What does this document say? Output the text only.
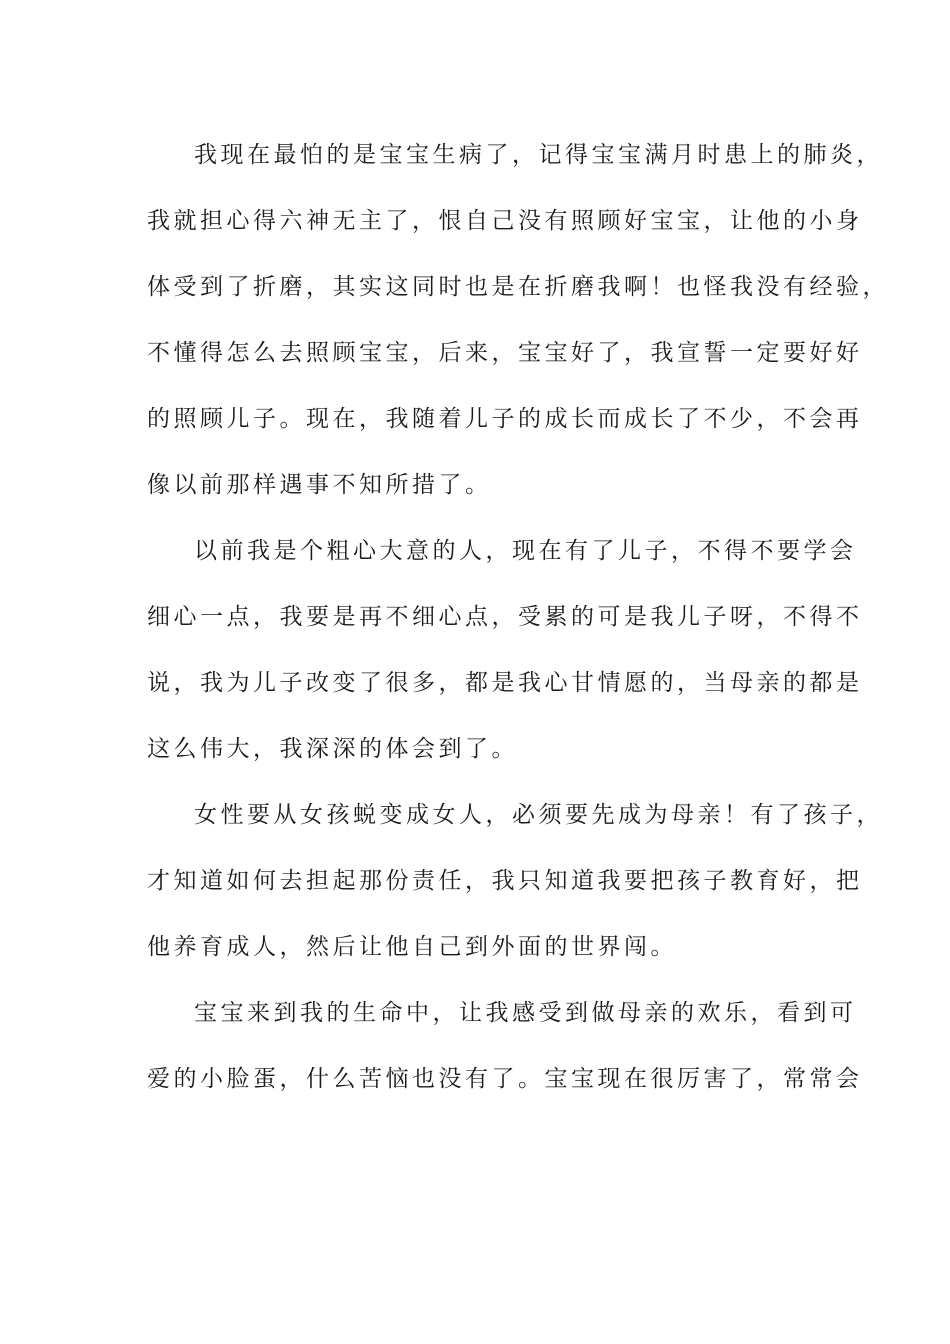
我现在最怕的是宝宝生病了，记得宝宝满月时患上的肺炎，

我就担心得六神无主了，恨自己没有照顾好宝宝，让他的小身

体受到了折磨，其实这同时也是在折磨我啊！也怪我没有经验，

不懂得怎么去照顾宝宝，后来，宝宝好了，我宣誓一定要好好

的照顾儿子。现在，我随着儿子的成长而成长了不少，不会再

像以前那样遇事不知所措了。

以前我是个粗心大意的人，现在有了儿子，不得不要学会

细心一点，我要是再不细心点，受累的可是我儿子呀，不得不

说，我为儿子改变了很多，都是我心甘情愿的，当母亲的都是

这么伟大，我深深的体会到了。

女性要从女孩蜕变成女人，必须要先成为母亲！有了孩子，

才知道如何去担起那份责任，我只知道我要把孩子教育好，把

他养育成人，然后让他自己到外面的世界闯。

宝宝来到我的生命中，让我感受到做母亲的欢乐，看到可

爱的小脸蛋，什么苦恼也没有了。宝宝现在很厉害了，常常会
